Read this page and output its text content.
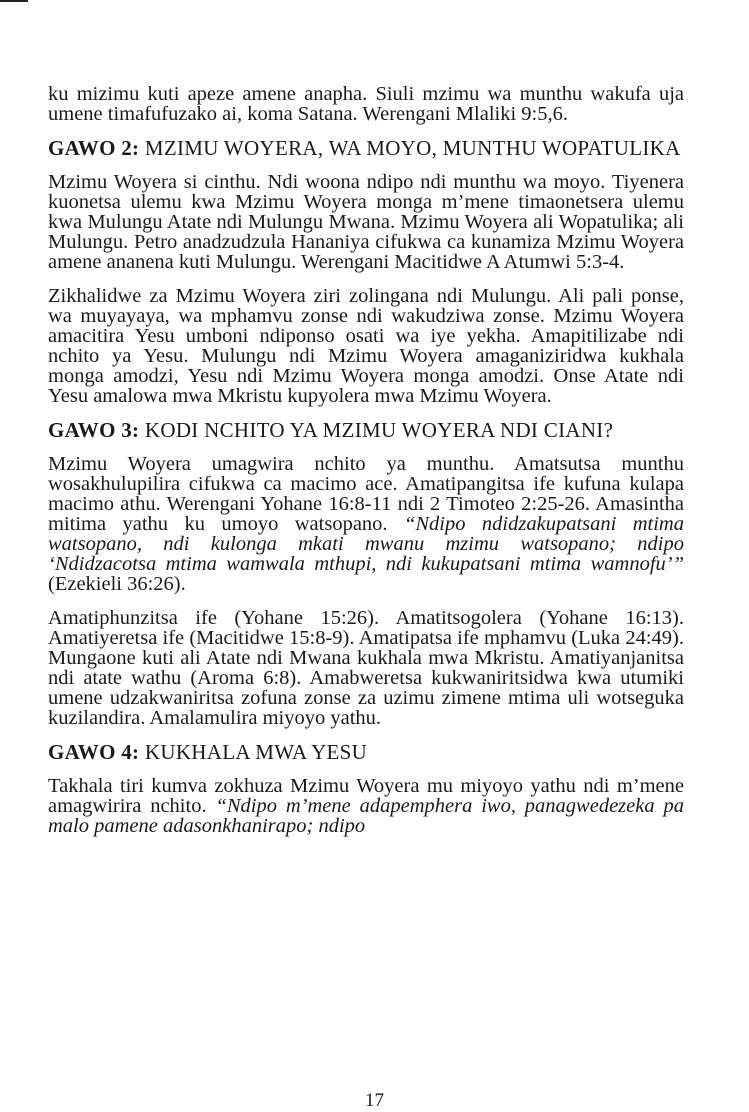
ku mizimu kuti apeze amene anapha. Siuli mzimu wa munthu wakufa uja umene timafufuzako ai, koma Satana. Werengani Mlaliki 9:5,6.

GAWO 2: MZIMU WOYERA, WA MOYO, MUNTHU WOPATULIKA

Mzimu Woyera si cinthu. Ndi woona ndipo ndi munthu wa moyo. Tiyenera kuonetsa ulemu kwa Mzimu Woyera monga m’mene timaonetsera ulemu kwa Mulungu Atate ndi Mulungu Mwana. Mzimu Woyera ali Wopatulika; ali Mulungu. Petro anadzudzula Hananiya cifukwa ca kunamiza Mzimu Woyera amene ananena kuti Mulungu. Werengani Macitidwe A Atumwi 5:3-4.

Zikhalidwe za Mzimu Woyera ziri zolingana ndi Mulungu. Ali pali ponse, wa muyayaya, wa mphamvu zonse ndi wakudziwa zonse. Mzimu Woyera amacitira Yesu umboni ndiponso osati wa iye yekha. Amapitilizabe ndi nchito ya Yesu. Mulungu ndi Mzimu Woyera amaganiziridwa kukhala monga amodzi, Yesu ndi Mzimu Woyera monga amodzi. Onse Atate ndi Yesu amalowa mwa Mkristu kupyolera mwa Mzimu Woyera.

GAWO 3: KODI NCHITO YA MZIMU WOYERA NDI CIANI?

Mzimu Woyera umagwira nchito ya munthu. Amatsutsa munthu wosakhulupilira cifukwa ca macimo ace. Amatipangitsa ife kufuna kulapa macimo athu. Werengani Yohane 16:8-11 ndi 2 Timoteo 2:25-26. Amasintha mitima yathu ku umoyo watsopano. “Ndipo ndidzakupatsani mtima watsopano, ndi kulonga mkati mwanu mzimu watsopano; ndipo ‘Ndidzacotsa mtima wamwala mthupi, ndi kukupatsani mtima wamnofu’” (Ezekieli 36:26).

Amatiphunzitsa ife (Yohane 15:26). Amatitsogolera (Yohane 16:13). Amatiyeretsa ife (Macitidwe 15:8-9). Amatipatsa ife mphamvu (Luka 24:49). Mungaone kuti ali Atate ndi Mwana kukhala mwa Mkristu. Amatiyanjanitsa ndi atate wathu (Aroma 6:8). Amabweretsa kukwaniritsidwa kwa utumiki umene udzakwaniritsa zofuna zonse za uzimu zimene mtima uli wotseguka kuzilandira. Amalamulira miyoyo yathu.

GAWO 4: KUKHALA MWA YESU

Takhala tiri kumva zokhuza Mzimu Woyera mu miyoyo yathu ndi m’mene amagwirira nchito. “Ndipo m’mene adapemphera iwo, panagwedezeka pa malo pamene adasonkhanirapo; ndipo

17
